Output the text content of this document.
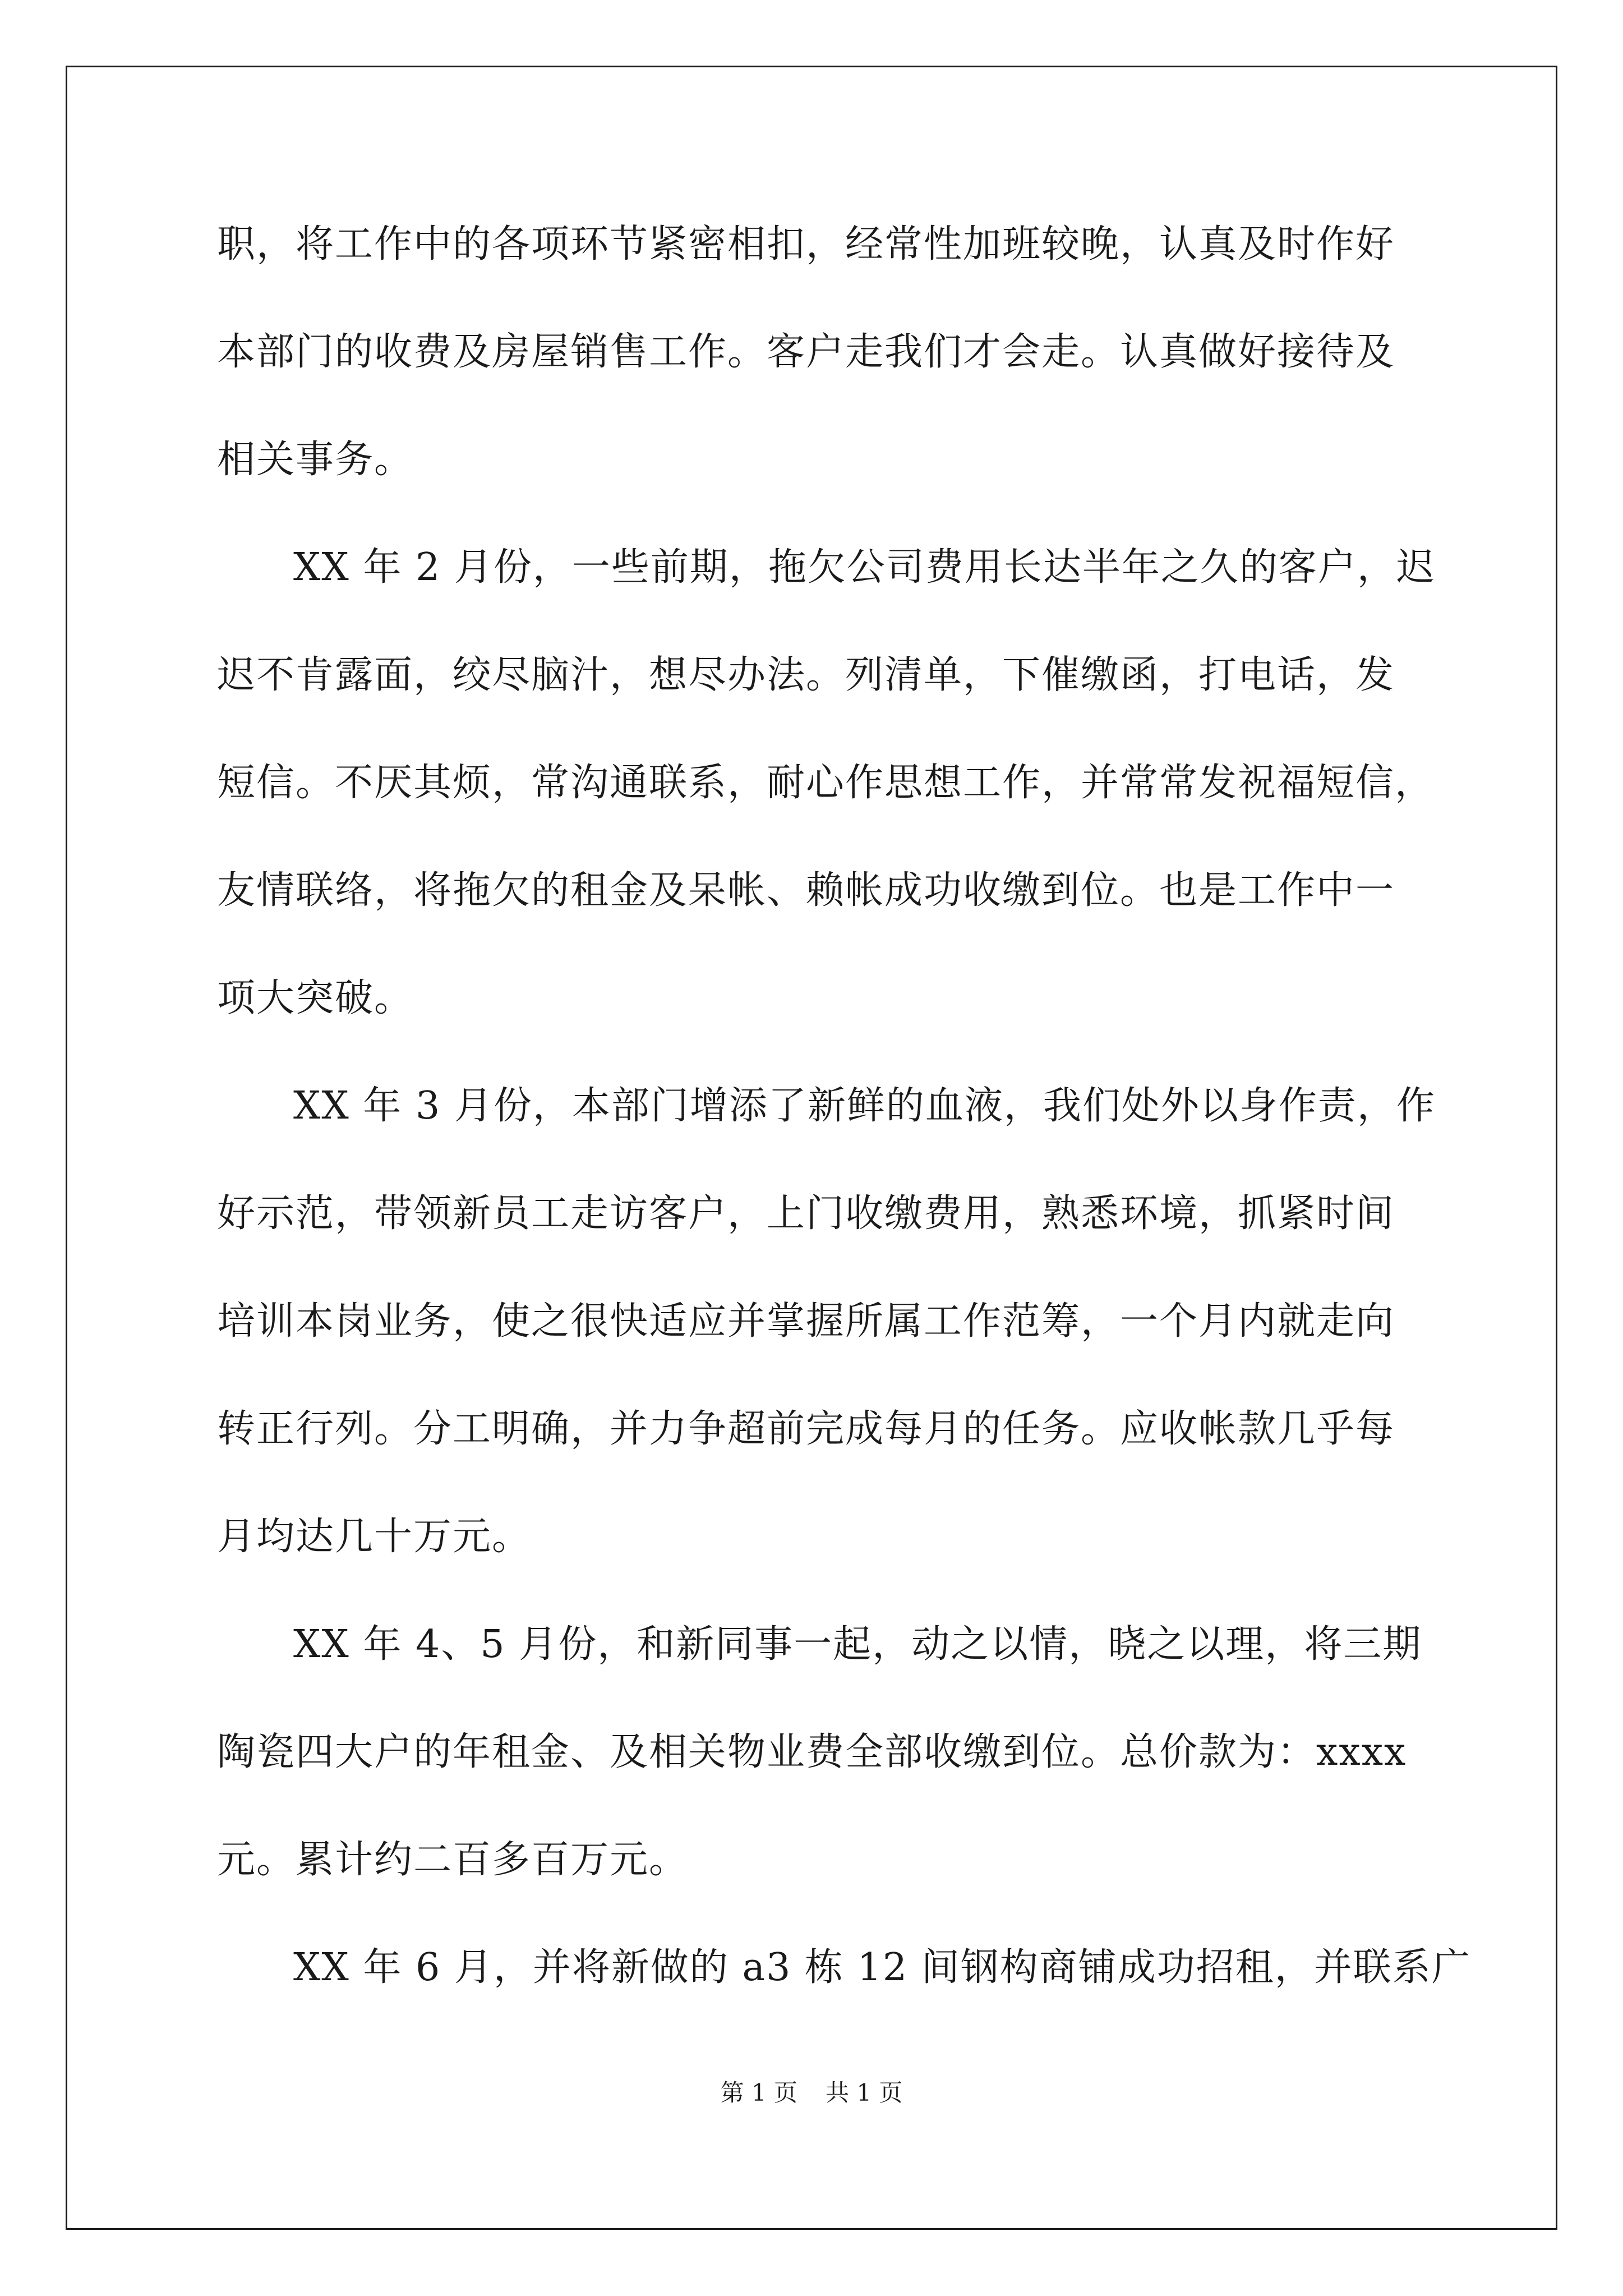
职，将工作中的各项环节紧密相扣，经常性加班较晚，认真及时作好
本部门的收费及房屋销售工作。客户走我们才会走。认真做好接待及
相关事务。

XX 年 2 月份，一些前期，拖欠公司费用长达半年之久的客户，迟
迟不肯露面，绞尽脑汁，想尽办法。列清单，下催缴函，打电话，发
短信。不厌其烦，常沟通联系，耐心作思想工作，并常常发祝福短信，
友情联络，将拖欠的租金及呆帐、赖帐成功收缴到位。也是工作中一
项大突破。

XX 年 3 月份，本部门增添了新鲜的血液，我们处外以身作责，作
好示范，带领新员工走访客户，上门收缴费用，熟悉环境，抓紧时间
培训本岗业务，使之很快适应并掌握所属工作范筹，一个月内就走向
转正行列。分工明确，并力争超前完成每月的任务。应收帐款几乎每
月均达几十万元。

XX 年 4、5 月份，和新同事一起，动之以情，晓之以理，将三期
陶瓷四大户的年租金、及相关物业费全部收缴到位。总价款为：xxxx
元。累计约二百多百万元。

XX 年 6 月，并将新做的 a3 栋 12 间钢构商铺成功招租，并联系广

第 1 页 共 1 页
